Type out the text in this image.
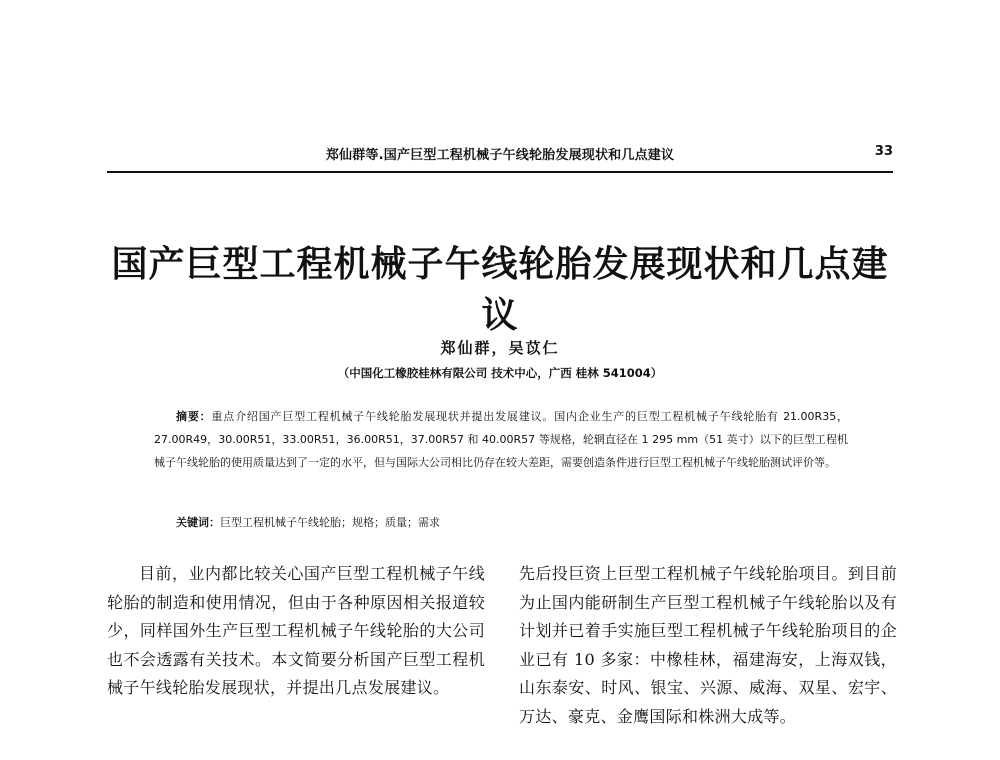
郑仙群等.国产巨型工程机械子午线轮胎发展现状和几点建议	33
国产巨型工程机械子午线轮胎发展现状和几点建议
郑仙群，吴苡仁
（中国化工橡胶桂林有限公司 技术中心，广西 桂林 541004）

摘要：重点介绍国产巨型工程机械子午线轮胎发展现状并提出发展建议。国内企业生产的巨型工程机械子午线轮胎有 21.00R35，27.00R49，30.00R51，33.00R51，36.00R51，37.00R57 和 40.00R57 等规格，轮辋直径在 1 295 mm（51 英寸）以下的巨型工程机械子午线轮胎的使用质量达到了一定的水平，但与国际大公司相比仍存在较大差距，需要创造条件进行巨型工程机械子午线轮胎测试评价等。

关键词：巨型工程机械子午线轮胎；规格；质量；需求

目前，业内都比较关心国产巨型工程机械子午线轮胎的制造和使用情况，但由于各种原因相关报道较少，同样国外生产巨型工程机械子午线轮胎的大公司也不会透露有关技术。本文简要分析国产巨型工程机械子午线轮胎发展现状，并提出几点发展建议。

先后投巨资上巨型工程机械子午线轮胎项目。到目前为止国内能研制生产巨型工程机械子午线轮胎以及有计划并已着手实施巨型工程机械子午线轮胎项目的企业已有 10 多家：中橡桂林，福建海安，上海双钱，山东泰安、时风、银宝、兴源、威海、双星、宏宇、万达、豪克、金鹰国际和株洲大成等。
